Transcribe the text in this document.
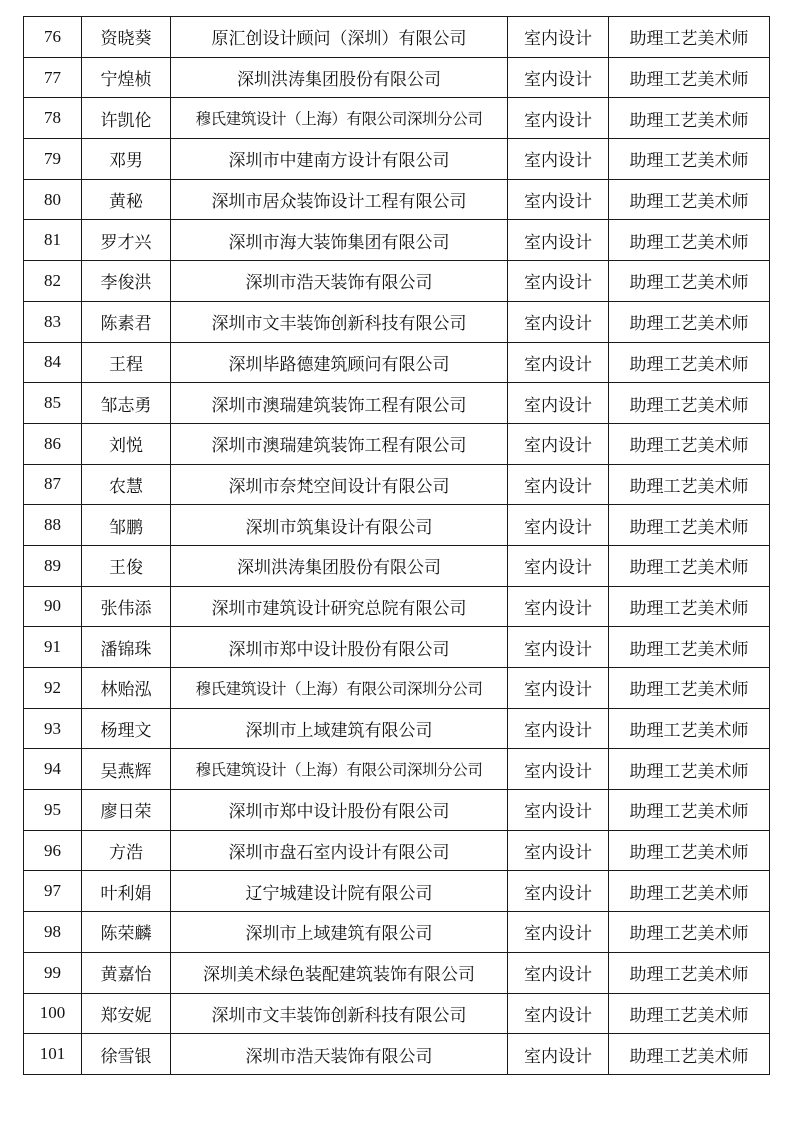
76	资晓葵	原汇创设计顾问（深圳）有限公司	室内设计	助理工艺美术师
77	宁煌桢	深圳洪涛集团股份有限公司	室内设计	助理工艺美术师
78	许凯伦	穆氏建筑设计（上海）有限公司深圳分公司	室内设计	助理工艺美术师
79	邓男	深圳市中建南方设计有限公司	室内设计	助理工艺美术师
80	黄秘	深圳市居众装饰设计工程有限公司	室内设计	助理工艺美术师
81	罗才兴	深圳市海大装饰集团有限公司	室内设计	助理工艺美术师
82	李俊洪	深圳市浩天装饰有限公司	室内设计	助理工艺美术师
83	陈素君	深圳市文丰装饰创新科技有限公司	室内设计	助理工艺美术师
84	王程	深圳毕路德建筑顾问有限公司	室内设计	助理工艺美术师
85	邹志勇	深圳市澳瑞建筑装饰工程有限公司	室内设计	助理工艺美术师
86	刘悦	深圳市澳瑞建筑装饰工程有限公司	室内设计	助理工艺美术师
87	农慧	深圳市奈梵空间设计有限公司	室内设计	助理工艺美术师
88	邹鹏	深圳市筑集设计有限公司	室内设计	助理工艺美术师
89	王俊	深圳洪涛集团股份有限公司	室内设计	助理工艺美术师
90	张伟添	深圳市建筑设计研究总院有限公司	室内设计	助理工艺美术师
91	潘锦珠	深圳市郑中设计股份有限公司	室内设计	助理工艺美术师
92	林贻泓	穆氏建筑设计（上海）有限公司深圳分公司	室内设计	助理工艺美术师
93	杨理文	深圳市上域建筑有限公司	室内设计	助理工艺美术师
94	吴燕辉	穆氏建筑设计（上海）有限公司深圳分公司	室内设计	助理工艺美术师
95	廖日荣	深圳市郑中设计股份有限公司	室内设计	助理工艺美术师
96	方浩	深圳市盘石室内设计有限公司	室内设计	助理工艺美术师
97	叶利娟	辽宁城建设计院有限公司	室内设计	助理工艺美术师
98	陈荣麟	深圳市上域建筑有限公司	室内设计	助理工艺美术师
99	黄嘉怡	深圳美术绿色装配建筑装饰有限公司	室内设计	助理工艺美术师
100	郑安妮	深圳市文丰装饰创新科技有限公司	室内设计	助理工艺美术师
101	徐雪银	深圳市浩天装饰有限公司	室内设计	助理工艺美术师
